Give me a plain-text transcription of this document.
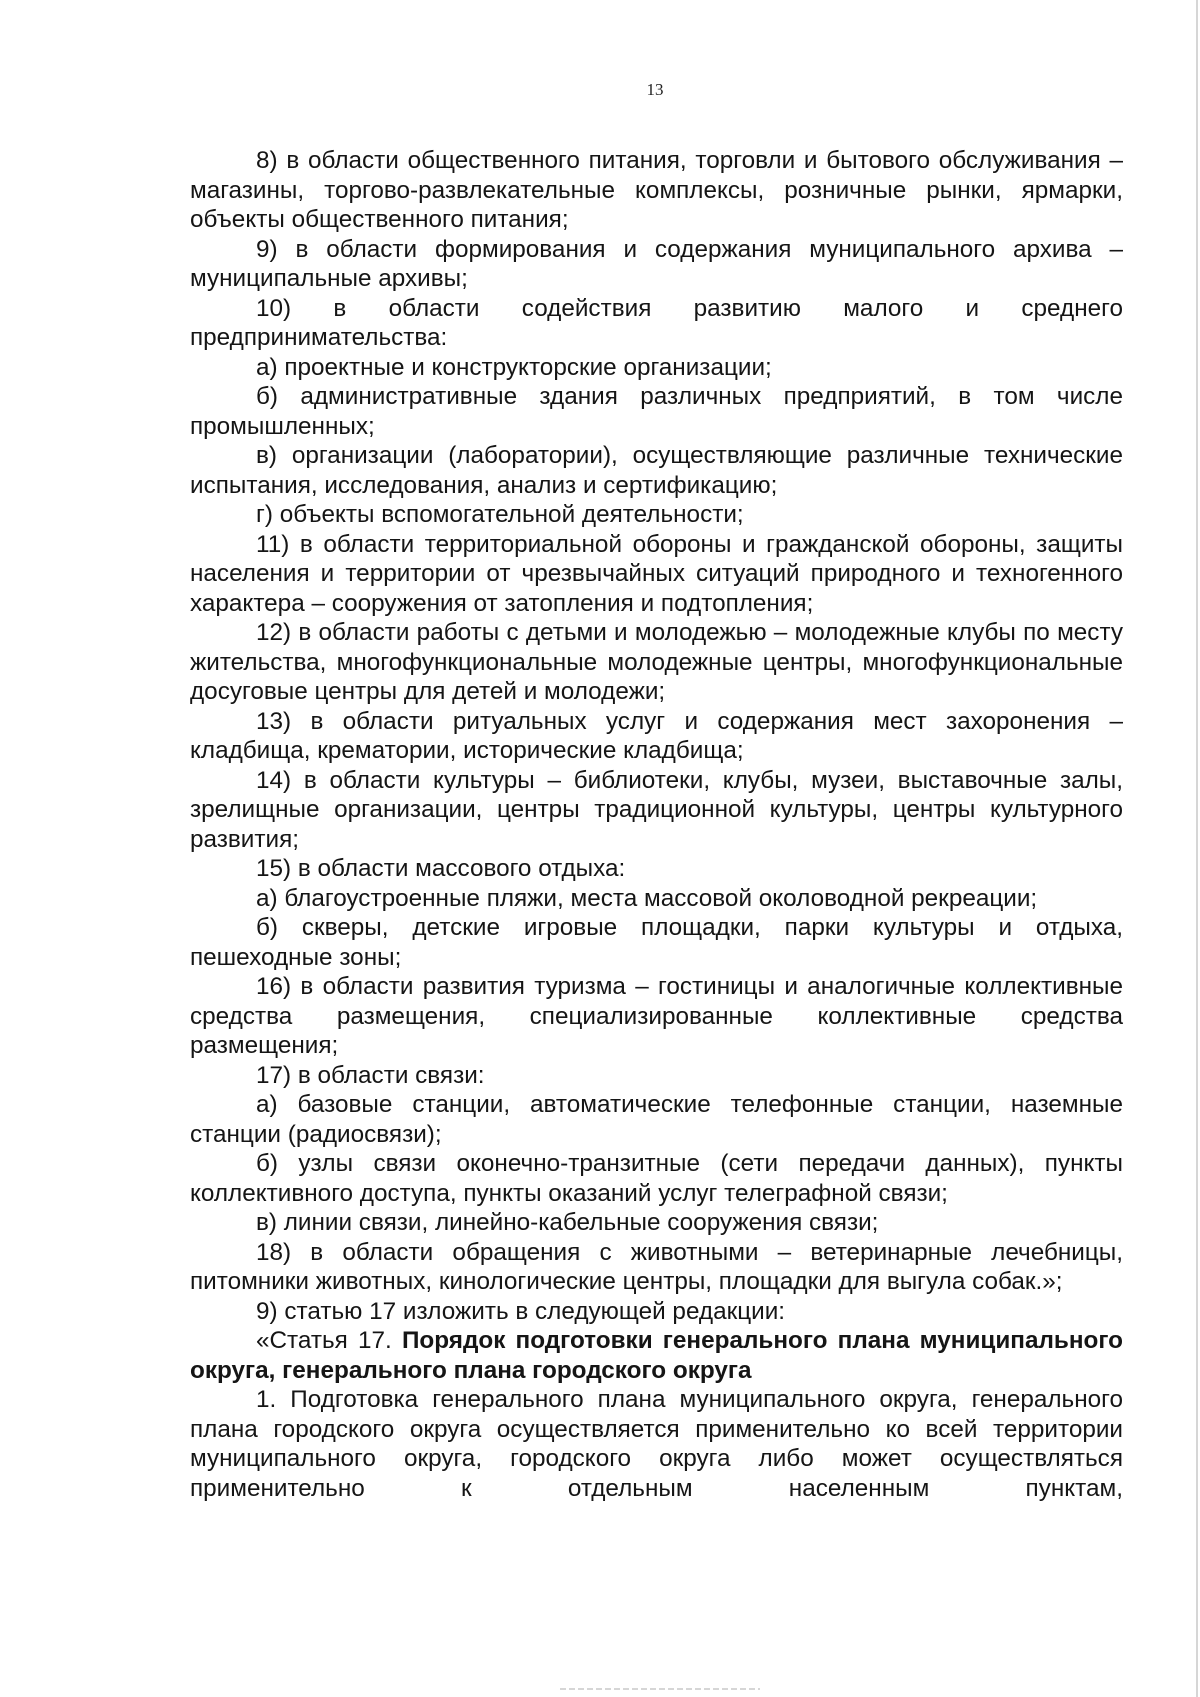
13

8) в области общественного питания, торговли и бытового обслуживания – магазины, торгово-развлекательные комплексы, розничные рынки, ярмарки, объекты общественного питания;

9) в области формирования и содержания муниципального архива – муниципальные архивы;

10) в области содействия развитию малого и среднего предпринимательства:

а) проектные и конструкторские организации;

б) административные здания различных предприятий, в том числе промышленных;

в) организации (лаборатории), осуществляющие различные технические испытания, исследования, анализ и сертификацию;

г) объекты вспомогательной деятельности;

11) в области территориальной обороны и гражданской обороны, защиты населения и территории от чрезвычайных ситуаций природного и техногенного характера – сооружения от затопления и подтопления;

12) в области работы с детьми и молодежью – молодежные клубы по месту жительства, многофункциональные молодежные центры, многофункциональные досуговые центры для детей и молодежи;

13) в области ритуальных услуг и содержания мест захоронения – кладбища, крематории, исторические кладбища;

14) в области культуры – библиотеки, клубы, музеи, выставочные залы, зрелищные организации, центры традиционной культуры, центры культурного развития;

15) в области массового отдыха:

а) благоустроенные пляжи, места массовой околоводной рекреации;

б) скверы, детские игровые площадки, парки культуры и отдыха, пешеходные зоны;

16) в области развития туризма – гостиницы и аналогичные коллективные средства размещения, специализированные коллективные средства размещения;

17) в области связи:

а) базовые станции, автоматические телефонные станции, наземные станции (радиосвязи);

б) узлы связи оконечно-транзитные (сети передачи данных), пункты коллективного доступа, пункты оказаний услуг телеграфной связи;

в) линии связи, линейно-кабельные сооружения связи;

18) в области обращения с животными – ветеринарные лечебницы, питомники животных, кинологические центры, площадки для выгула собак.»;

9) статью 17 изложить в следующей редакции:

«Статья 17. Порядок подготовки генерального плана муниципального округа, генерального плана городского округа

1. Подготовка генерального плана муниципального округа, генерального плана городского округа осуществляется применительно ко всей территории муниципального округа, городского округа либо может осуществляться применительно к отдельным населенным пунктам,
